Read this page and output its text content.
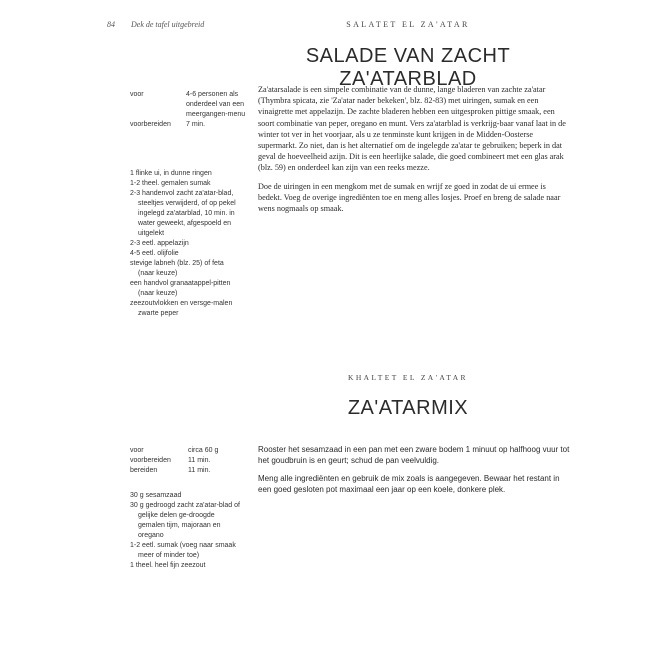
84 Dek de tafel uitgebreid	SALATET EL ZA'ATAR
SALADE VAN ZACHT ZA'ATARBLAD
voor	4-6 personen als onderdeel van een meergangen-menu
voorbereiden	7 min.
1 flinke ui, in dunne ringen
1-2 theel. gemalen sumak
2-3 handenvol zacht za'atar-blad, steeltjes verwijderd, of op pekel ingelegd za'atarblad, 10 min. in water geweekt, afgespoeld en uitgelekt
2-3 eetl. appelazijn
4-5 eetl. olijfolie
stevige labneh (blz. 25) of feta (naar keuze)
een handvol granaatappel-pitten (naar keuze)
zeezoutvlokken en versge-malen zwarte peper

Za'atarsalade is een simpele combinatie van de dunne, lange bladeren van zachte za'atar (Thymbra spicata, zie 'Za'atar nader bekeken', blz. 82-83) met uiringen, sumak en een vinaigrette met appelazijn. De zachte bladeren hebben een uitgesproken pittige smaak, een soort combinatie van peper, oregano en munt. Vers za'atarblad is verkrijg-baar vanaf laat in de winter tot ver in het voorjaar, als u ze tenminste kunt krijgen in de Midden-Oosterse supermarkt. Zo niet, dan is het alternatief om de ingelegde za'atar te gebruiken; beperk in dat geval de hoeveelheid azijn. Dit is een heerlijke salade, die goed combineert met een glas arak (blz. 59) en onderdeel kan zijn van een reeks mezze.

Doe de uiringen in een mengkom met de sumak en wrijf ze goed in zodat de ui ermee is bedekt. Voeg de overige ingrediënten toe en meng alles losjes. Proef en breng de salade naar wens nogmaals op smaak.

KHALTET EL ZA'ATAR
ZA'ATARMIX
voor	circa 60 g
voorbereiden	11 min.
bereiden	11 min.
30 g sesamzaad
30 g gedroogd zacht za'atar-blad of gelijke delen ge-droogde gemalen tijm, majoraan en oregano
1-2 eetl. sumak (voeg naar smaak meer of minder toe)
1 theel. heel fijn zeezout

Rooster het sesamzaad in een pan met een zware bodem 1 minuut op halfhoog vuur tot het goudbruin is en geurt; schud de pan veelvuldig.

Meng alle ingrediënten en gebruik de mix zoals is aangegeven. Bewaar het restant in een goed gesloten pot maximaal een jaar op een koele, donkere plek.
